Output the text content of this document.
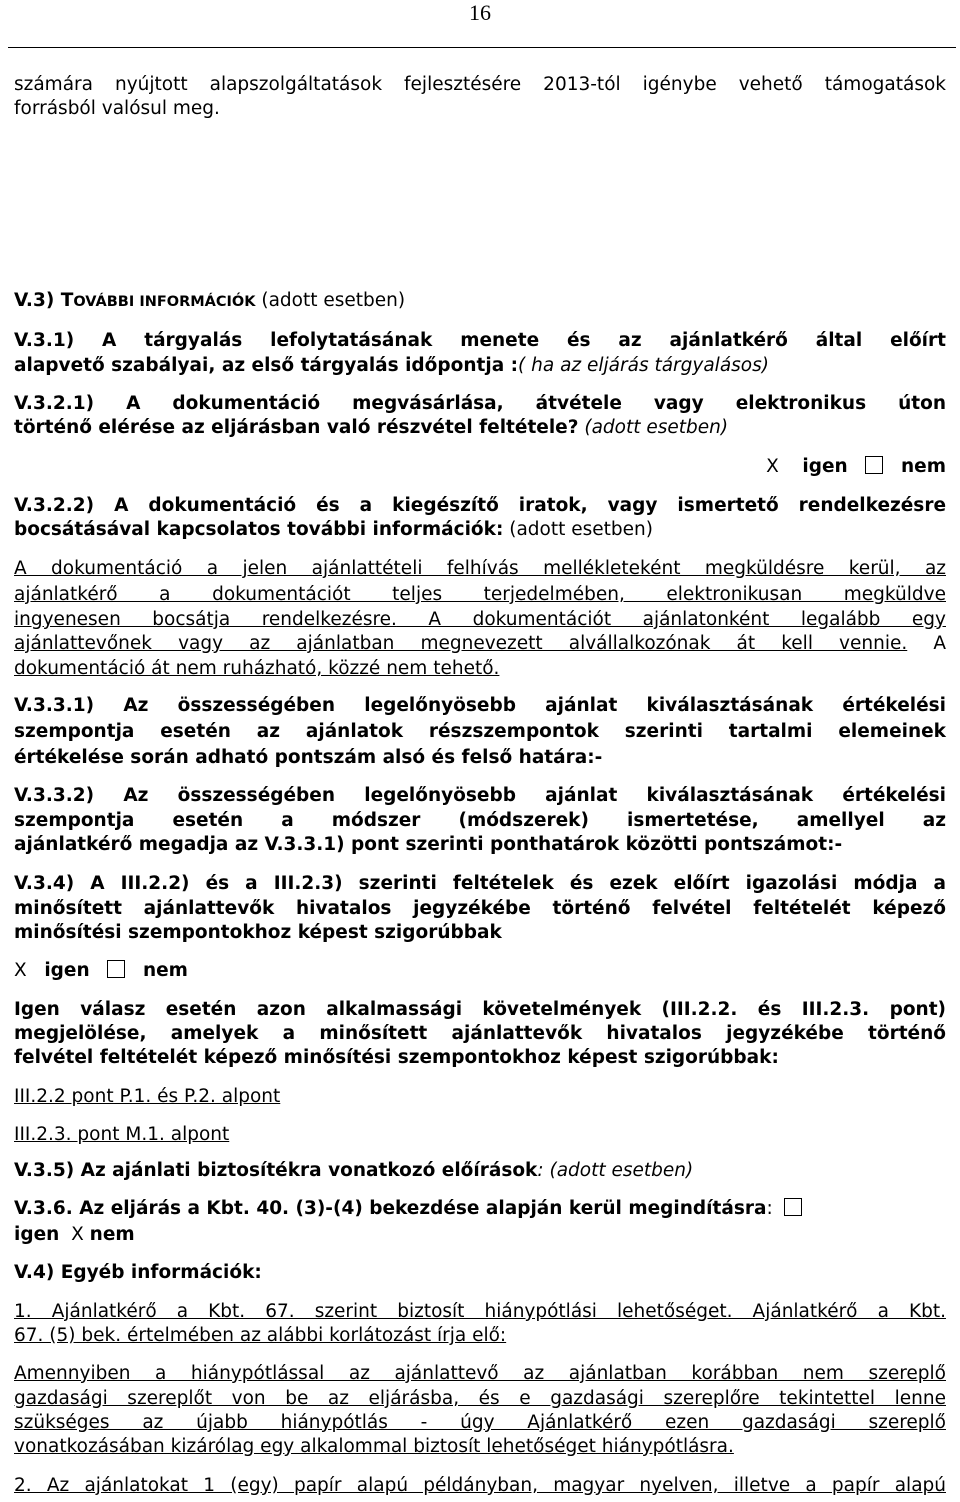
16
számára nyújtott alapszolgáltatások fejlesztésére 2013-tól igénybe vehető támogatások
forrásból valósul meg.
V.3) TOVÁBBI INFORMÁCIÓK (adott esetben)
V.3.1) A tárgyalás lefolytatásának menete és az ajánlatkérő által előírt
alapvető szabályai, az első tárgyalás időpontja :( ha az eljárás tárgyalásos)
V.3.2.1) A dokumentáció megvásárlása, átvétele vagy elektronikus úton
történő elérése az eljárásban való részvétel feltétele? (adott esetben)
X igen	nem
V.3.2.2) A dokumentáció és a kiegészítő iratok, vagy ismertető rendelkezésre
bocsátásával kapcsolatos további információk: (adott esetben)
A dokumentáció a jelen ajánlattételi felhívás mellékleteként megküldésre kerül, az
ajánlatkérő a dokumentációt teljes terjedelmében, elektronikusan megküldve
ingyenesen bocsátja rendelkezésre. A dokumentációt ajánlatonként legalább egy
ajánlattevőnek vagy az ajánlatban megnevezett alvállalkozónak át kell vennie. A
dokumentáció át nem ruházható, közzé nem tehető.
V.3.3.1) Az összességében legelőnyösebb ajánlat kiválasztásának értékelési
szempontja esetén az ajánlatok részszempontok szerinti tartalmi elemeinek
értékelése során adható pontszám alsó és felső határa:-
V.3.3.2) Az összességében legelőnyösebb ajánlat kiválasztásának értékelési
szempontja esetén a módszer (módszerek) ismertetése, amellyel az
ajánlatkérő megadja az V.3.3.1) pont szerinti ponthatárok közötti pontszámot:-
V.3.4) A III.2.2) és a III.2.3) szerinti feltételek és ezek előírt igazolási módja a
minősített ajánlattevők hivatalos jegyzékébe történő felvétel feltételét képező
minősítési szempontokhoz képest szigorúbbak
X igen	nem
Igen válasz esetén azon alkalmassági követelmények (III.2.2. és III.2.3. pont)
megjelölése, amelyek a minősített ajánlattevők hivatalos jegyzékébe történő
felvétel feltételét képező minősítési szempontokhoz képest szigorúbbak:
III.2.2 pont P.1. és P.2. alpont
III.2.3. pont M.1. alpont
V.3.5) Az ajánlati biztosítékra vonatkozó előírások: (adott esetben)
V.3.6. Az eljárás a Kbt. 40. (3)-(4) bekezdése alapján kerül megindításra:
igen X nem
V.4) Egyéb információk:
1. Ajánlatkérő a Kbt. 67. szerint biztosít hiánypótlási lehetőséget. Ajánlatkérő a Kbt.
67. (5) bek. értelmében az alábbi korlátozást írja elő:
Amennyiben a hiánypótlással az ajánlattevő az ajánlatban korábban nem szereplő
gazdasági szereplőt von be az eljárásba, és e gazdasági szereplőre tekintettel lenne
szükséges az újabb hiánypótlás - úgy Ajánlatkérő ezen gazdasági szereplő
vonatkozásában kizárólag egy alkalommal biztosít lehetőséget hiánypótlásra.
2. Az ajánlatokat 1 (egy) papír alapú példányban, magyar nyelven, illetve a papír alapú
